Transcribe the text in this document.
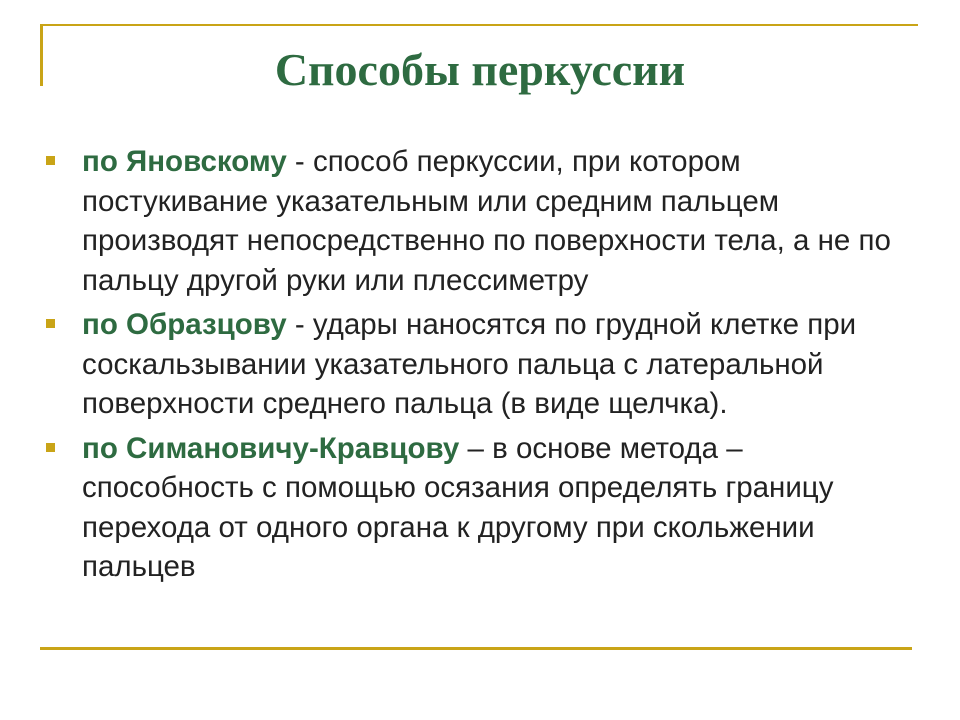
Способы перкуссии
по Яновскому - способ перкуссии, при котором постукивание указательным или средним пальцем производят непосредственно по поверхности тела, а не по пальцу другой руки или плессиметру
по Образцову - удары наносятся по грудной клетке при соскальзывании указательного пальца с латеральной поверхности среднего пальца (в виде щелчка).
по Симановичу-Кравцову – в основе метода – способность с помощью осязания определять границу перехода от одного органа к другому при скольжении пальцев
